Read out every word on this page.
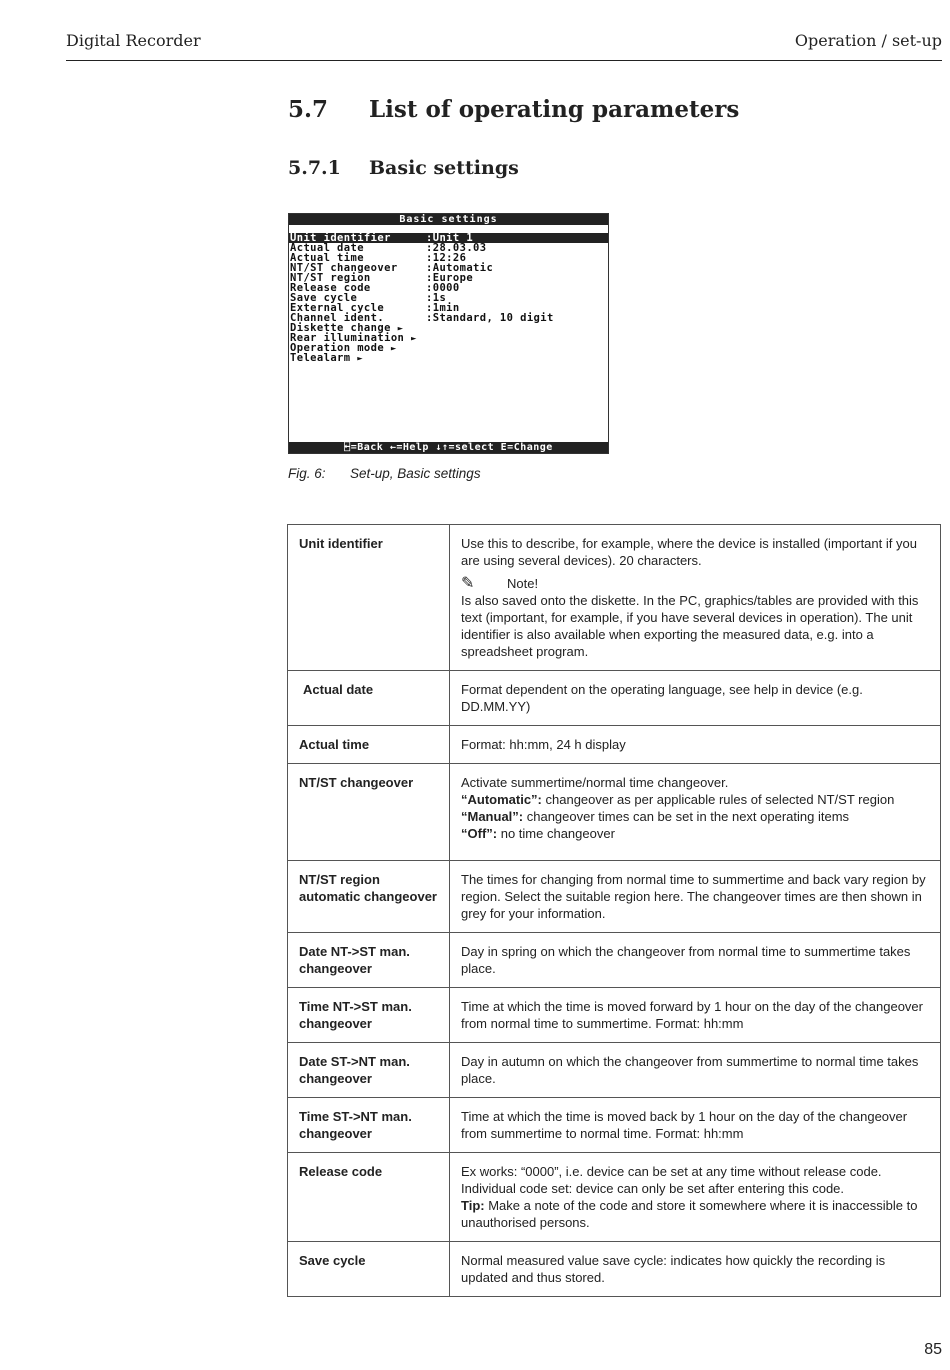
Digital Recorder	Operation / set-up
5.7 List of operating parameters
5.7.1 Basic settings
Basic settings
Unit identifier	:Unit 1
Actual date	:28.03.03
Actual time	:12:26
NT/ST changeover	:Automatic
NT/ST region	:Europe
Release code	:0000
Save cycle	:1s
External cycle	:1min
Channel ident.	:Standard, 10 digit
Diskette change ►
Rear illumination ►
Operation mode ►
Telealarm ►
⍇=Back ←=Help ↓↑=select E=Change
Fig. 6: Set-up, Basic settings
Unit identifier	Use this to describe, for example, where the device is installed (important if you are using several devices). 20 characters.
✎ Note!
Is also saved onto the diskette. In the PC, graphics/tables are provided with this text (important, for example, if you have several devices in operation). The unit identifier is also available when exporting the measured data, e.g. into a spreadsheet program.

Actual date	Format dependent on the operating language, see help in device (e.g. DD.MM.YY)
Actual time	Format: hh:mm, 24 h display
NT/ST changeover	Activate summertime/normal time changeover.
“Automatic”: changeover as per applicable rules of selected NT/ST region
“Manual”: changeover times can be set in the next operating items
“Off”: no time changeover

NT/ST region automatic changeover	The times for changing from normal time to summertime and back vary region by region. Select the suitable region here. The changeover times are then shown in grey for your information.
Date NT->ST man. changeover	Day in spring on which the changeover from normal time to summertime takes place.
Time NT->ST man. changeover	Time at which the time is moved forward by 1 hour on the day of the changeover from normal time to summertime. Format: hh:mm
Date ST->NT man. changeover	Day in autumn on which the changeover from summertime to normal time takes place.
Time ST->NT man. changeover	Time at which the time is moved back by 1 hour on the day of the changeover from summertime to normal time. Format: hh:mm
Release code	Ex works: “0000”, i.e. device can be set at any time without release code.
Individual code set: device can only be set after entering this code.
Tip: Make a note of the code and store it somewhere where it is inaccessible to unauthorised persons.

Save cycle	Normal measured value save cycle: indicates how quickly the recording is updated and thus stored.
85
